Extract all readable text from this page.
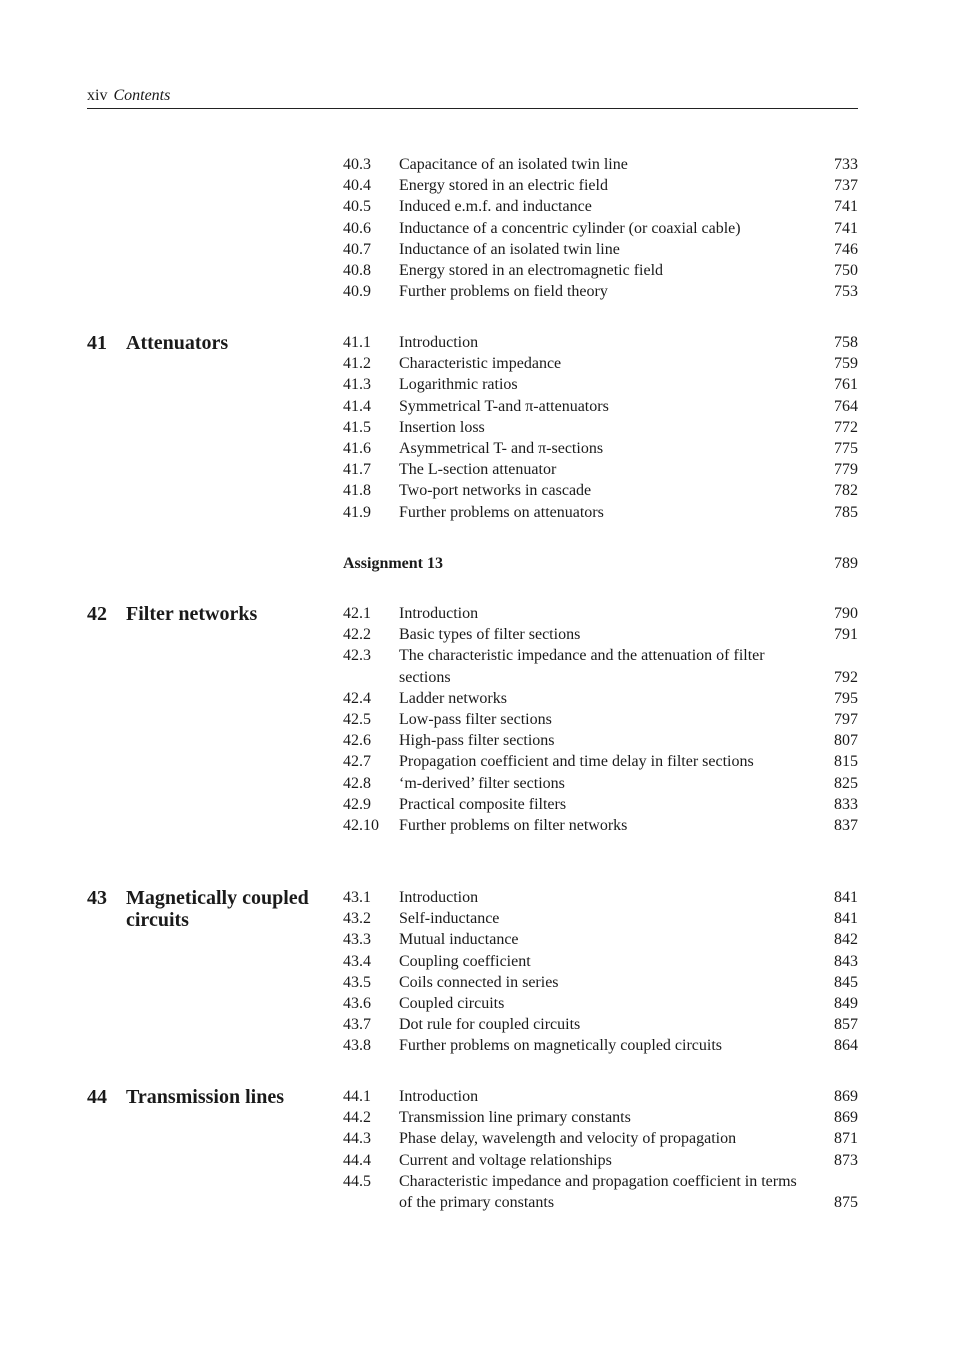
xiv Contents
40.3 Capacitance of an isolated twin line	733
40.4 Energy stored in an electric field	737
40.5 Induced e.m.f. and inductance	741
40.6 Inductance of a concentric cylinder (or coaxial cable)	741
40.7 Inductance of an isolated twin line	746
40.8 Energy stored in an electromagnetic field	750
40.9 Further problems on field theory	753
41 Attenuators	41.1 Introduction	758
41.2 Characteristic impedance	759
41.3 Logarithmic ratios	761
41.4 Symmetrical T-and π-attenuators	764
41.5 Insertion loss	772
41.6 Asymmetrical T- and π-sections	775
41.7 The L-section attenuator	779
41.8 Two-port networks in cascade	782
41.9 Further problems on attenuators	785
Assignment 13	789
42 Filter networks	42.1 Introduction	790
42.2 Basic types of filter sections	791
42.3 The characteristic impedance and the attenuation of filter sections	792
42.4 Ladder networks	795
42.5 Low-pass filter sections	797
42.6 High-pass filter sections	807
42.7 Propagation coefficient and time delay in filter sections	815
42.8 ‘m-derived’ filter sections	825
42.9 Practical composite filters	833
42.10 Further problems on filter networks	837
43 Magnetically coupled circuits
43.1 Introduction	841
43.2 Self-inductance	841
43.3 Mutual inductance	842
43.4 Coupling coefficient	843
43.5 Coils connected in series	845
43.6 Coupled circuits	849
43.7 Dot rule for coupled circuits	857
43.8 Further problems on magnetically coupled circuits	864
44 Transmission lines	44.1 Introduction	869
44.2 Transmission line primary constants	869
44.3 Phase delay, wavelength and velocity of propagation	871
44.4 Current and voltage relationships	873
44.5 Characteristic impedance and propagation coefficient in terms of the primary constants	875
